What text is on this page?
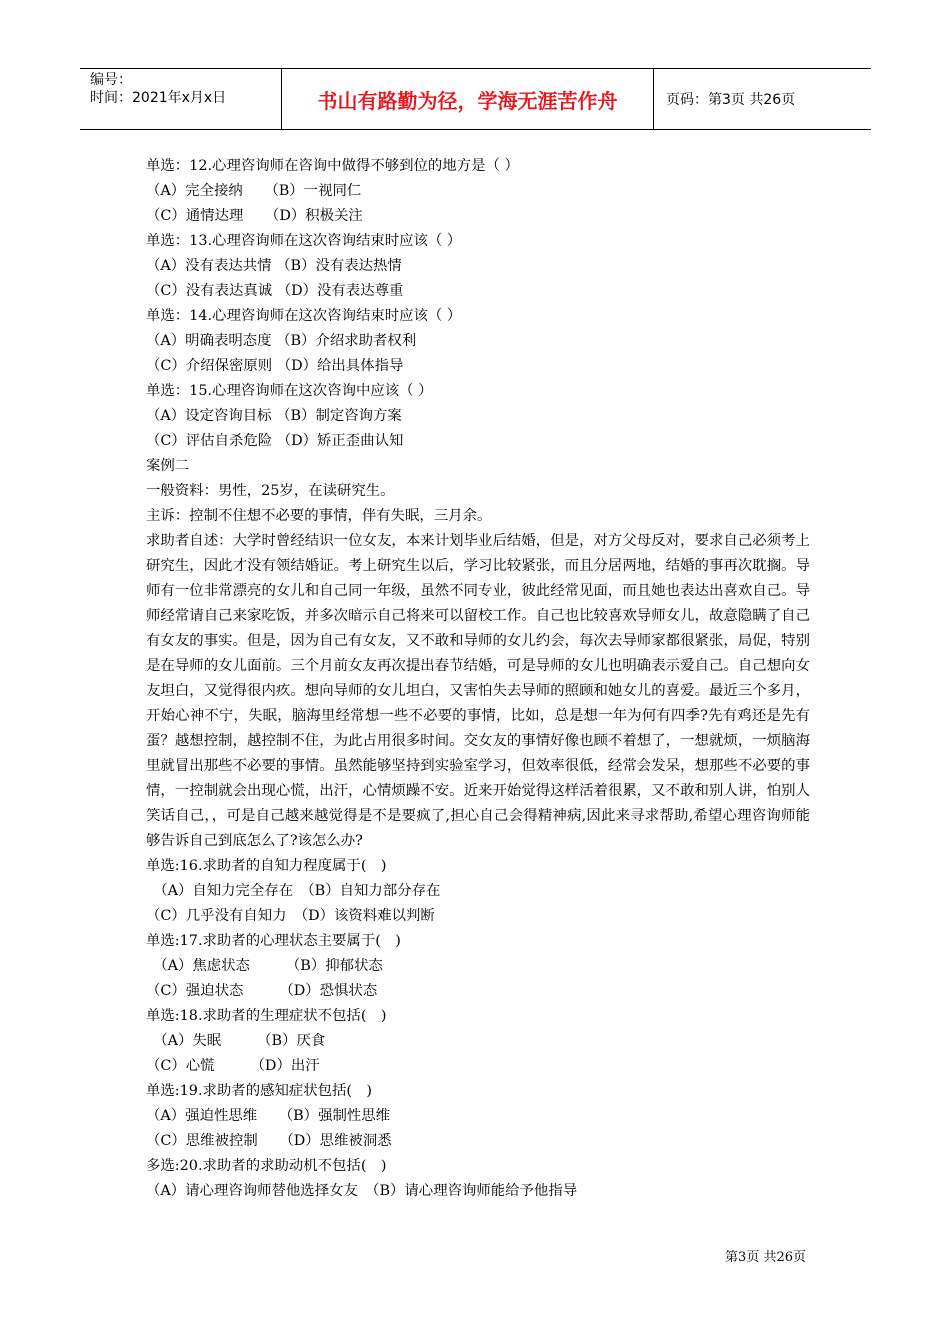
编号：
时间：2021年x月x日	书山有路勤为径，学海无涯苦作舟	页码：第3页 共26页
单选：12.心理咨询师在咨询中做得不够到位的地方是（ ）
（A）完全接纳　　（B）一视同仁
（C）通情达理　　（D）积极关注
单选：13.心理咨询师在这次咨询结束时应该（ ）
（A）没有表达共情 （B）没有表达热情
（C）没有表达真诚 （D）没有表达尊重
单选：14.心理咨询师在这次咨询结束时应该（ ）
（A）明确表明态度 （B）介绍求助者权利
（C）介绍保密原则 （D）给出具体指导
单选：15.心理咨询师在这次咨询中应该（ ）
（A）设定咨询目标 （B）制定咨询方案
（C）评估自杀危险 （D）矫正歪曲认知
案例二
一般资料：男性，25岁，在读研究生。
主诉：控制不住想不必要的事情，伴有失眠，三月余。
求助者自述：大学时曾经结识一位女友，本来计划毕业后结婚，但是，对方父母反对，要求自己必须考上研究生，因此才没有领结婚证。考上研究生以后，学习比较紧张，而且分居两地，结婚的事再次耽搁。导师有一位非常漂亮的女儿和自己同一年级，虽然不同专业，彼此经常见面，而且她也表达出喜欢自己。导师经常请自己来家吃饭，并多次暗示自己将来可以留校工作。自己也比较喜欢导师女儿，故意隐瞒了自己有女友的事实。但是，因为自己有女友，又不敢和导师的女儿约会，每次去导师家都很紧张，局促，特别是在导师的女儿面前。三个月前女友再次提出春节结婚，可是导师的女儿也明确表示爱自己。自己想向女友坦白，又觉得很内疚。想向导师的女儿坦白，又害怕失去导师的照顾和她女儿的喜爱。最近三个多月，开始心神不宁，失眠，脑海里经常想一些不必要的事情，比如，总是想一年为何有四季?先有鸡还是先有蛋？越想控制，越控制不住，为此占用很多时间。交女友的事情好像也顾不着想了，一想就烦，一烦脑海里就冒出那些不必要的事情。虽然能够坚持到实验室学习，但效率很低，经常会发呆，想那些不必要的事情，一控制就会出现心慌，出汗，心情烦躁不安。近来开始觉得这样活着很累，又不敢和别人讲，怕别人笑话自己，，可是自己越来越觉得是不是要疯了,担心自己会得精神病,因此来寻求帮助,希望心理咨询师能够告诉自己到底怎么了?该怎么办?
单选:16.求助者的自知力程度属于(　)
　（A）自知力完全存在　（B）自知力部分存在
（C）几乎没有自知力　（D）该资料难以判断
单选:17.求助者的心理状态主要属于(　)
　（A）焦虑状态　　　（B）抑郁状态
（C）强迫状态　　　（D）恐惧状态
单选:18.求助者的生理症状不包括(　)
　（A）失眠　　　（B）厌食
（C）心慌　　　（D）出汗
单选:19.求助者的感知症状包括(　)
（A）强迫性思维　　（B）强制性思维
（C）思维被控制　　（D）思维被洞悉
多选:20.求助者的求助动机不包括(　)
（A）请心理咨询师替他选择女友　（B）请心理咨询师能给予他指导
第3页 共26页
